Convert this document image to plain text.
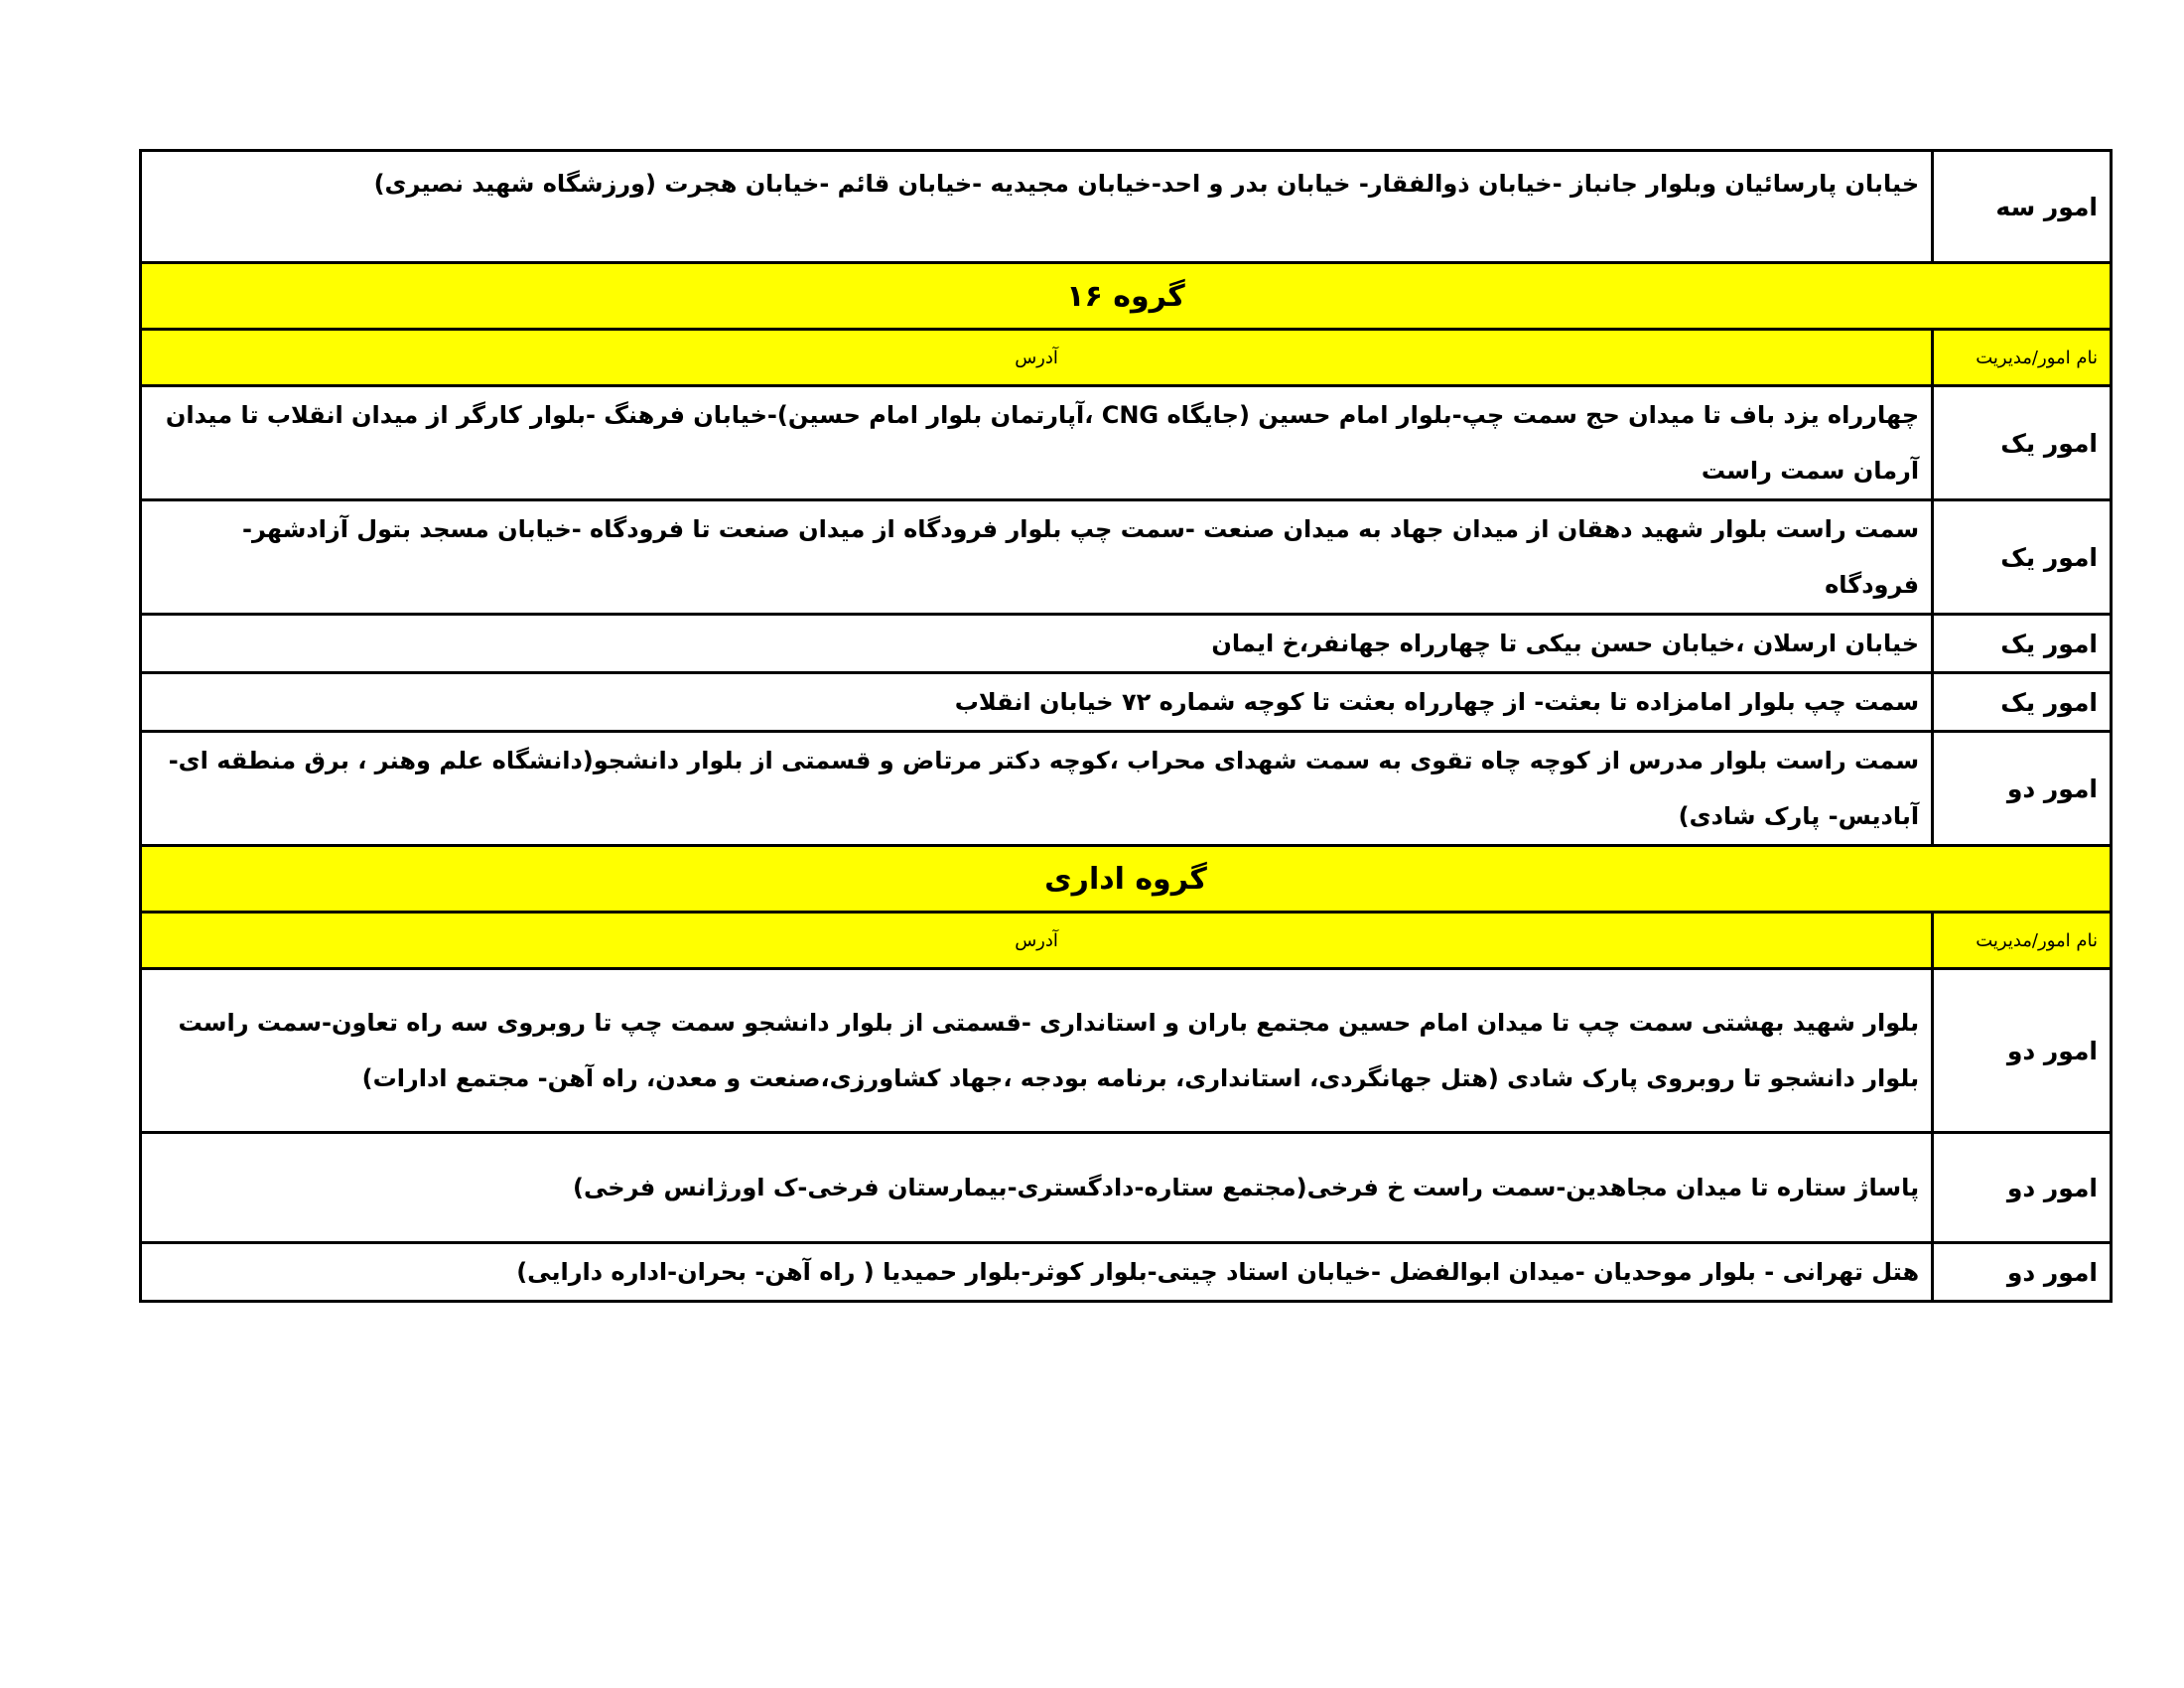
امور سه	خیابان پارسائیان وبلوار جانباز -خیابان ذوالفقار- خیابان بدر و احد-خیابان مجیدیه -خیابان قائم -خیابان هجرت (ورزشگاه شهید نصیری)
گروه ۱۶	
نام امور/مدیریت	آدرس
امور یک	چهارراه یزد باف تا میدان حج سمت چپ-بلوار امام حسین (جایگاه CNG ،آپارتمان بلوار امام حسین)-خیابان فرهنگ -بلوار کارگر از میدان انقلاب تا میدان آرمان سمت راست
امور یک	سمت راست بلوار شهید دهقان از میدان جهاد به میدان صنعت -سمت چپ بلوار فرودگاه از میدان صنعت تا فرودگاه -خیابان مسجد بتول آزادشهر-فرودگاه
امور یک	خیابان ارسلان ،خیابان حسن بیکی تا چهارراه جهانفر،خ ایمان
امور یک	سمت چپ بلوار امامزاده تا بعثت- از چهارراه بعثت تا کوچه شماره ۷۲ خیابان انقلاب
امور دو	سمت راست بلوار مدرس از کوچه چاه تقوی به سمت شهدای محراب ،کوچه دکتر مرتاض و قسمتی از بلوار دانشجو(دانشگاه علم وهنر ، برق منطقه ای-آبادیس- پارک شادی)
گروه اداری	
نام امور/مدیریت	آدرس
امور دو	بلوار شهید بهشتی سمت چپ تا میدان امام حسین مجتمع باران و استانداری -قسمتی از بلوار دانشجو سمت چپ تا روبروی سه راه تعاون-سمت راست بلوار دانشجو تا روبروی پارک شادی (هتل جهانگردی، استانداری، برنامه بودجه ،جهاد کشاورزی،صنعت و معدن، راه آهن- مجتمع ادارات)
امور دو	پاساژ ستاره تا میدان مجاهدین-سمت راست خ فرخی(مجتمع ستاره-دادگستری-بیمارستان فرخی-ک اورژانس فرخی)
امور دو	هتل تهرانی - بلوار موحدیان -میدان ابوالفضل -خیابان استاد چیتی-بلوار کوثر-بلوار حمیدیا ( راه آهن- بحران-اداره دارایی)
